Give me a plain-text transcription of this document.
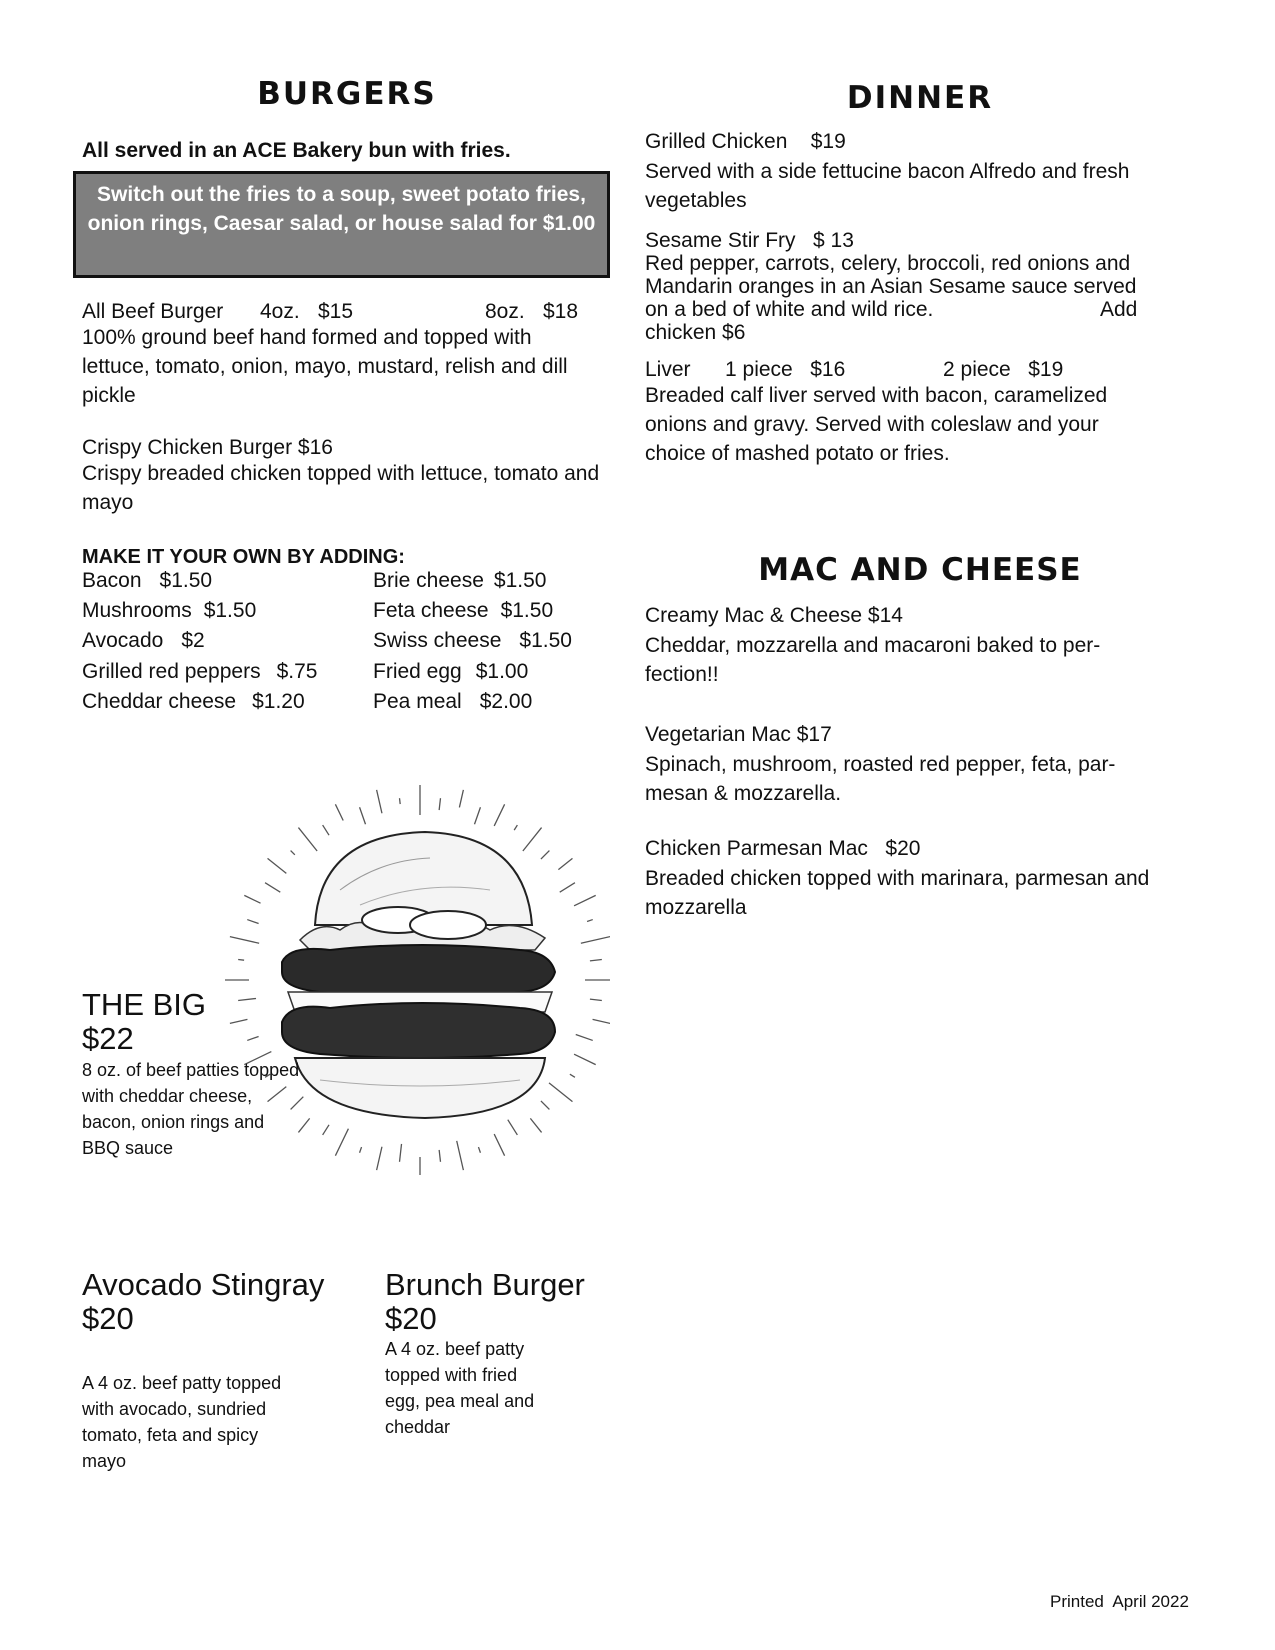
BURGERS
All served in an ACE Bakery bun with fries.
Switch out the fries to a soup, sweet potato fries, onion rings, Caesar salad, or house salad for $1.00
All Beef Burger 4oz. $15	8oz. $18

100% ground beef hand formed and topped with lettuce, tomato, onion, mayo, mustard, relish and dill pickle

Crispy Chicken Burger $16

Crispy breaded chicken topped with lettuce, tomato and mayo

MAKE IT YOUR OWN BY ADDING:
Bacon $1.50
Mushrooms $1.50
Avocado $2
Grilled red peppers $.75
Cheddar cheese $1.20
Brie cheese $1.50
Feta cheese $1.50
Swiss cheese $1.50
Fried egg $1.00
Pea meal $2.00
THE BIG
$22

8 oz. of beef patties topped with cheddar cheese, bacon, onion rings and BBQ sauce

Avocado Stingray
$20

A 4 oz. beef patty topped with avocado, sundried tomato, feta and spicy mayo

Brunch Burger $20

A 4 oz. beef patty topped with fried egg, pea meal and cheddar

DINNER
Grilled Chicken    $19

Served with a side fettucine bacon Alfredo and fresh vegetables

Sesame Stir Fry   $ 13
Red pepper, carrots, celery, broccoli, red onions and Mandarin oranges in an Asian Sesame sauce served on a bed of white and wild rice.
chicken $6
Add
Liver 1 piece   $16	2 piece   $19

Breaded calf liver served with bacon, caramelized onions and gravy. Served with coleslaw and your choice of mashed potato or fries.

MAC AND CHEESE
Creamy Mac & Cheese $14

Cheddar, mozzarella and macaroni baked to per-fection!!

Vegetarian Mac $17

Spinach, mushroom, roasted red pepper, feta, par-mesan & mozzarella.

Chicken Parmesan Mac   $20

Breaded chicken topped with marinara, parmesan and mozzarella

Printed  April 2022
